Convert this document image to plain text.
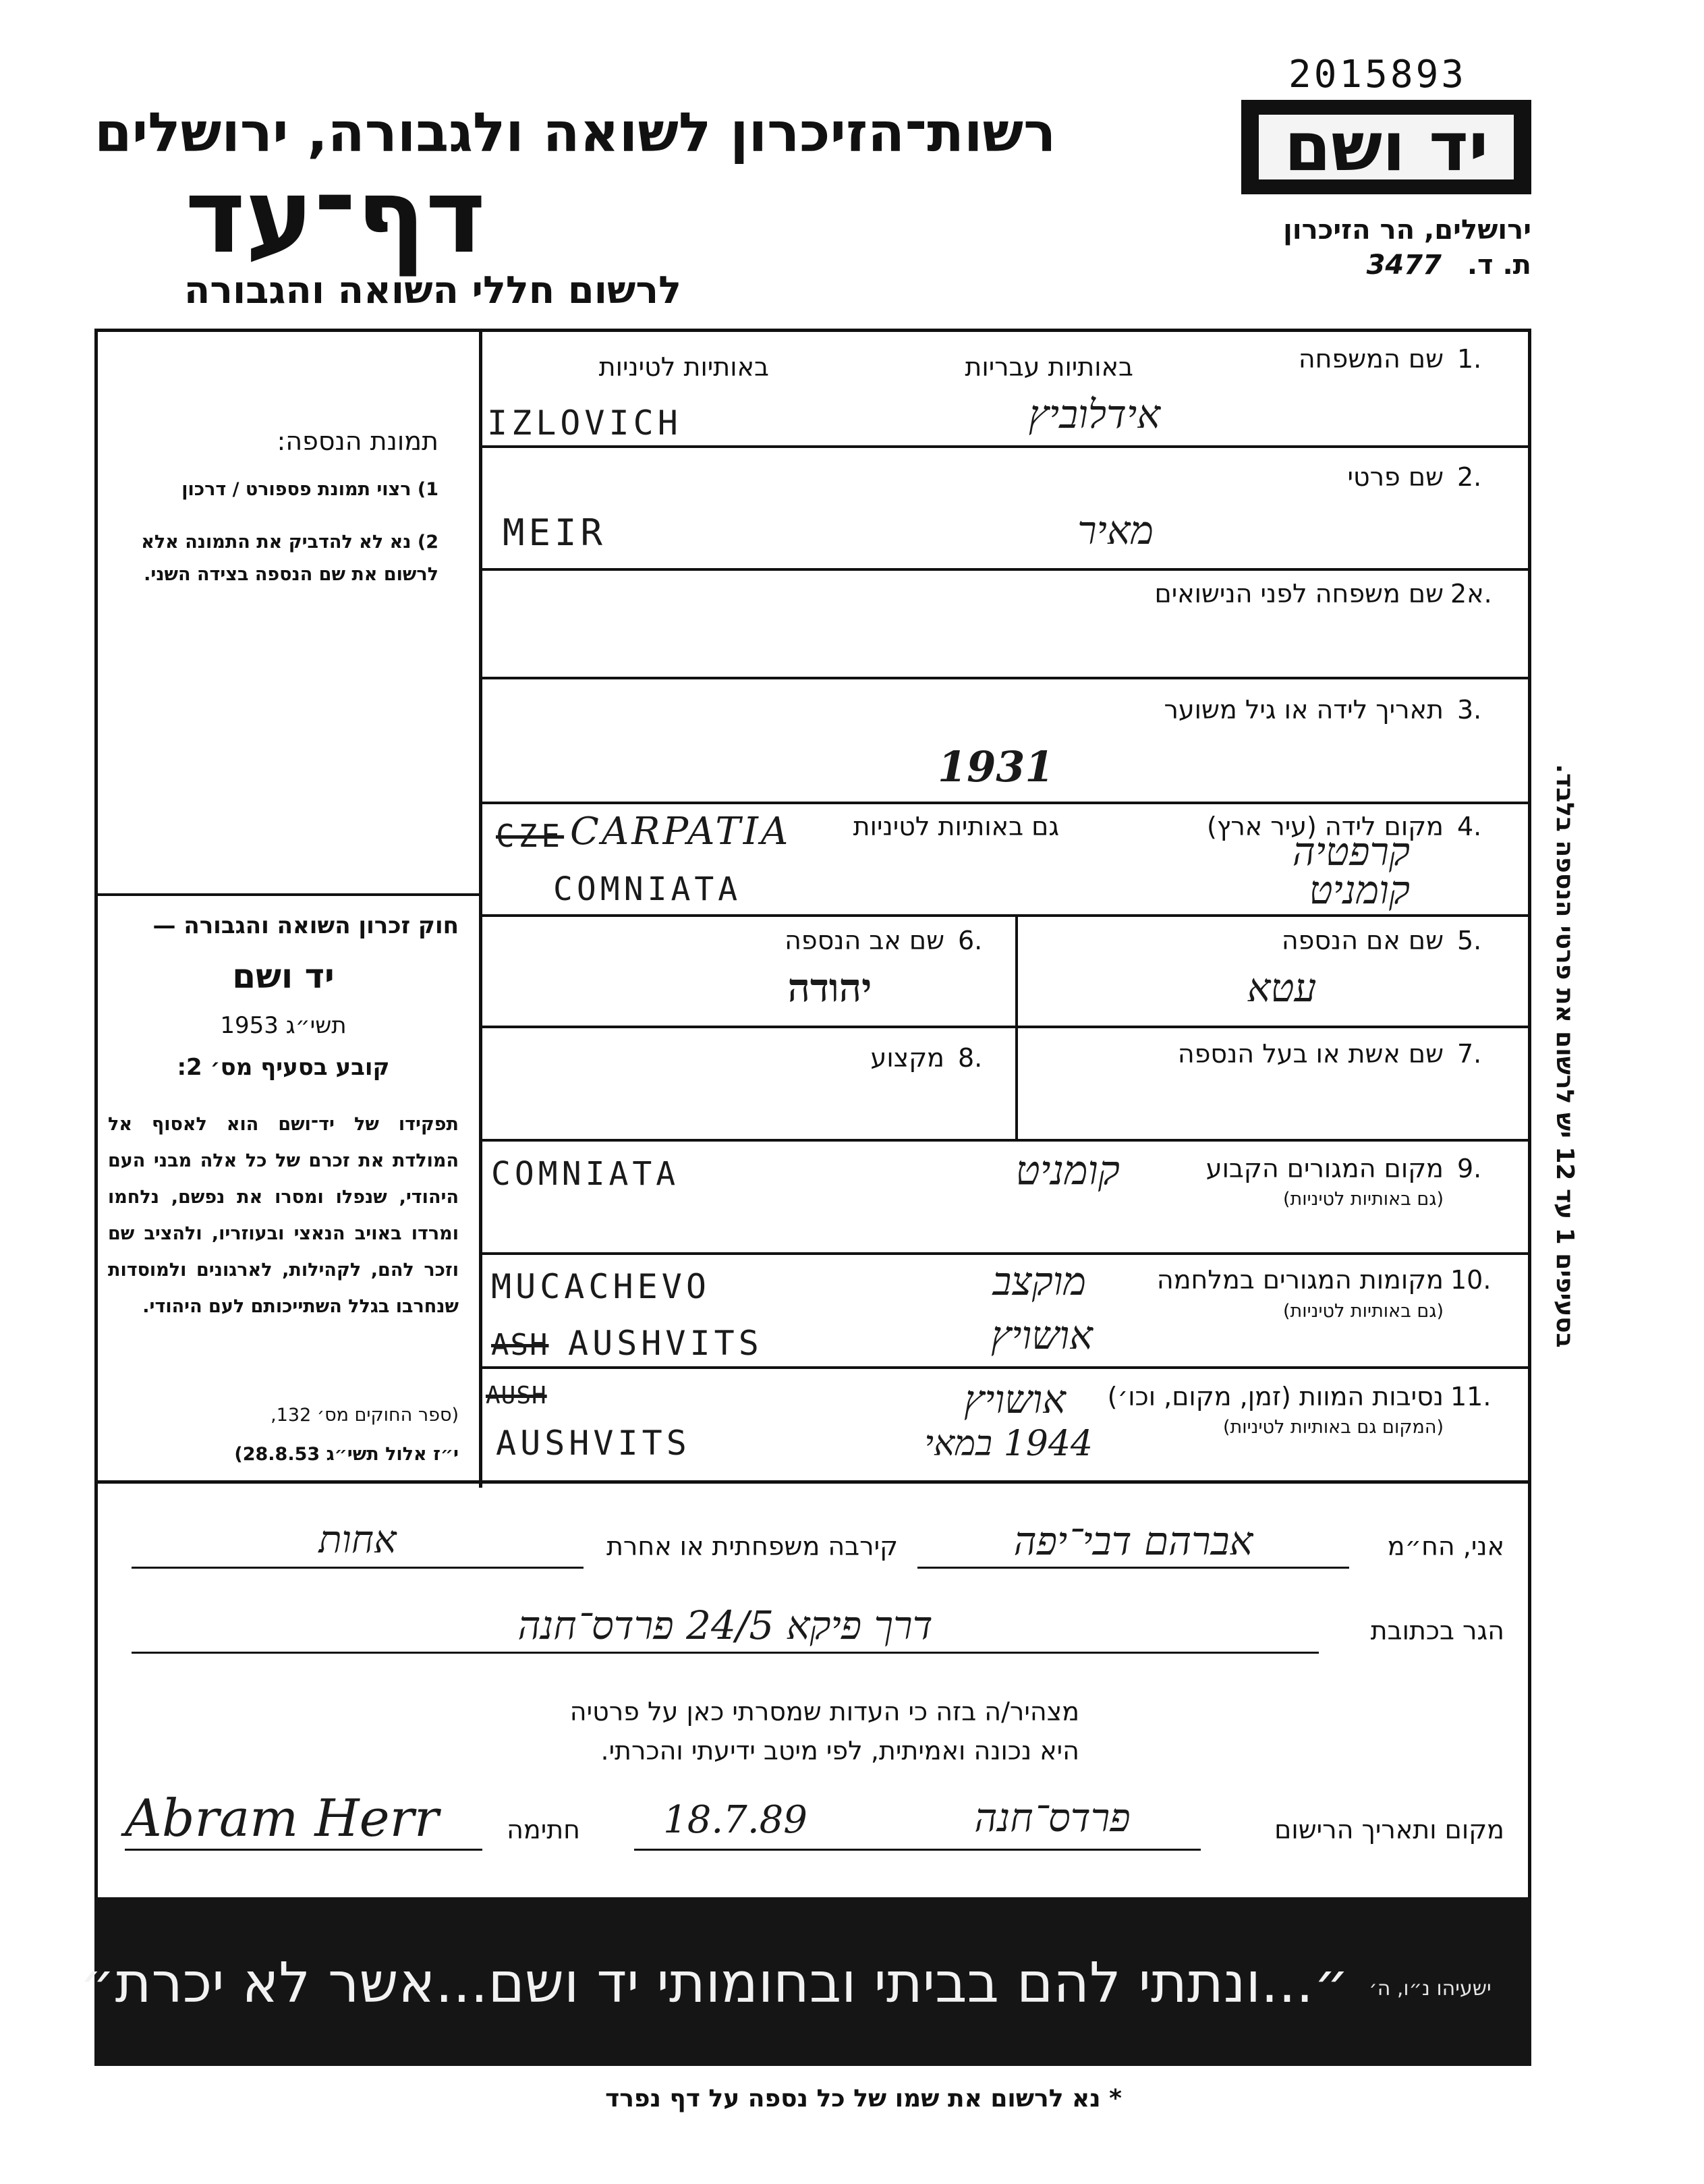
2015893
רשות־הזיכרון לשואה ולגבורה, ירושלים
דף־עד
לרשום חללי השואה והגבורה
יד ושם
ירושלים, הר הזיכרון
ת. ד. 3477
תמונת הנספה:
1) רצוי תמונת פספורט / דרכון
2) נא לא להדביק את התמונה אלא לרשום את שם הנספה בצידה השני.
חוק זכרון השואה והגבורה —
יד ושם
תשי״ג 1953
קובע בסעיף מס׳ 2:
תפקידו של יד־ושם הוא לאסוף אל המולדת את זכרם של כל אלה מבני העם היהודי, שנפלו ומסרו את נפשם, נלחמו ומרדו באויב הנאצי ובעוזריו, ולהציב שם וזכר להם, לקהילות, לארגונים ולמוסדות שנחרבו בגלל השתייכותם לעם היהודי.
(ספר החוקים מס׳ 132,
י״ז אלול תשי״ג 28.8.53)
בסעיפים 1 עד 12 יש לרשום את פרטי הנספה בלבד.
1.
שם המשפחה
באותיות עבריות
באותיות לטיניות
אידלוביץ
IZLOVICH
2.
שם פרטי
מאיר
MEIR
2א.
שם משפחה לפני הנישואים
3.
תאריך לידה או גיל משוער
1931
4.
מקום לידה (עיר ארץ)
גם באותיות לטיניות
CZE CARPATIA
COMNIATA
קרפטיה
קומניט
5.
שם אם הנספה
עטא
6.
שם אב הנספה
יהודה
7.
שם אשת או בעל הנספה
8.
מקצוע
9.
מקום המגורים הקבוע
(גם באותיות לטיניות)
קומניט
COMNIATA
10.
מקומות המגורים במלחמה
(גם באותיות לטיניות)
מוקצב
אושויץ
MUCACHEVO
ASH AUSHVITS
11.
נסיבות המוות (זמן, מקום, וכו׳)
(המקום גם באותיות לטיניות)
אושויץ
1944 במאי
AUSH
AUSHVITS
אני, הח״מ
אברהם דבי־יפה
קירבה משפחתית או אחרת
אחות
הגר בכתובת
דרך פיקא 24/5 פרדס־חנה
מצהיר/ה בזה כי העדות שמסרתי כאן על פרטיה
היא נכונה ואמיתית, לפי מיטב ידיעתי והכרתי.
מקום ותאריך הרישום
פרדס־חנה
18.7.89
חתימה
Abram Herr
״...ונתתי להם בביתי ובחומותי יד ושם...אשר לא יכרת״ ישעיהו נ״ו, ה׳
* נא לרשום את שמו של כל נספה על דף נפרד
